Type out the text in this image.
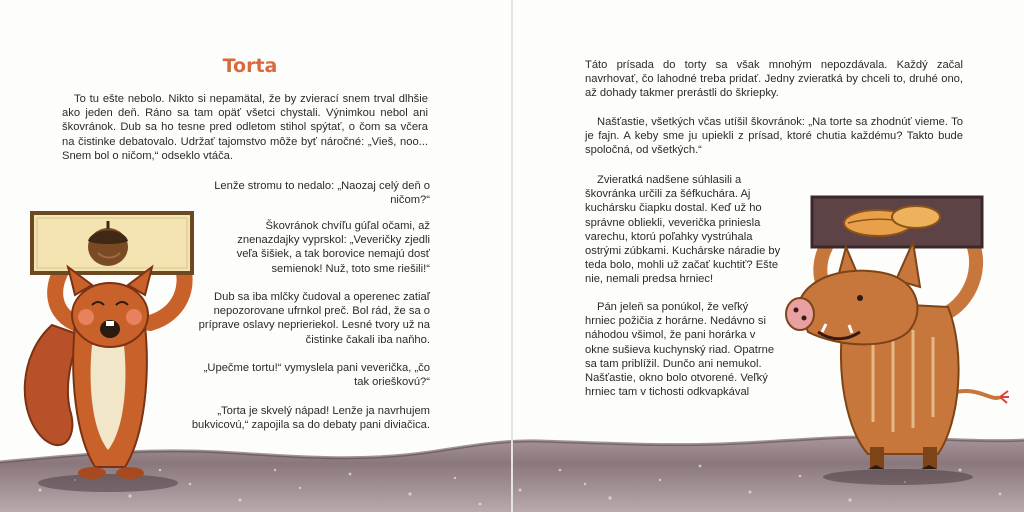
Torta

To tu ešte nebolo. Nikto si nepamätal, že by zvierací snem trval dlhšie ako jeden deň. Ráno sa tam opäť všetci chystali. Výnimkou nebol ani škovránok. Dub sa ho tesne pred odletom stihol spýtať, o čom sa včera na čistinke debatovalo. Udržať tajomstvo môže byť náročné: „Vieš, noo... Snem bol o ničom,“ odseklo vtáča.

Lenže stromu to nedalo: „Naozaj celý deň o ničom?“

Škovránok chvíľu gúľal očami, až znenazdajky vyprskol: „Veveričky zjedli veľa šišiek, a tak borovice nemajú dosť semienok! Nuž, toto sme riešili!“

Dub sa iba mlčky čudoval a operenec zatiaľ nepozorovane ufrnkol preč. Bol rád, že sa o príprave oslavy neprieriekol. Lesné tvory už na čistinke čakali iba naňho.

„Upečme tortu!“ vymyslela pani veverička, „čo tak orieškovú?“

„Torta je skvelý nápad! Lenže ja navrhujem bukvicovú,“ zapojila sa do debaty pani diviačica.

Táto prísada do torty sa však mnohým nepozdávala. Každý začal navrhovať, čo lahodné treba pridať. Jedny zvieratká by chceli to, druhé ono, až dohady takmer prerástli do škriepky.

Našťastie, všetkých včas utíšil škovránok: „Na torte sa zhodnúť vieme. To je fajn. A keby sme ju upiekli z prísad, ktoré chutia každému? Takto bude spoločná, od všetkých.“

Zvieratká nadšene súhlasili a škovránka určili za šéfkuchára. Aj kuchársku čiapku dostal. Keď už ho správne obliekli, veverička priniesla varechu, ktorú poľahky vystrúhala ostrými zúbkami. Kuchárske náradie by teda bolo, mohli už začať kuchtiť? Ešte nie, nemali predsa hrniec!

Pán jeleň sa ponúkol, že veľký hrniec požičia z horárne. Nedávno si náhodou všimol, že pani horárka v okne sušieva kuchynský riad. Opatrne sa tam priblížil. Dunčo ani nemukol. Našťastie, okno bolo otvorené. Veľký hrniec tam v tichosti odkvapkával
